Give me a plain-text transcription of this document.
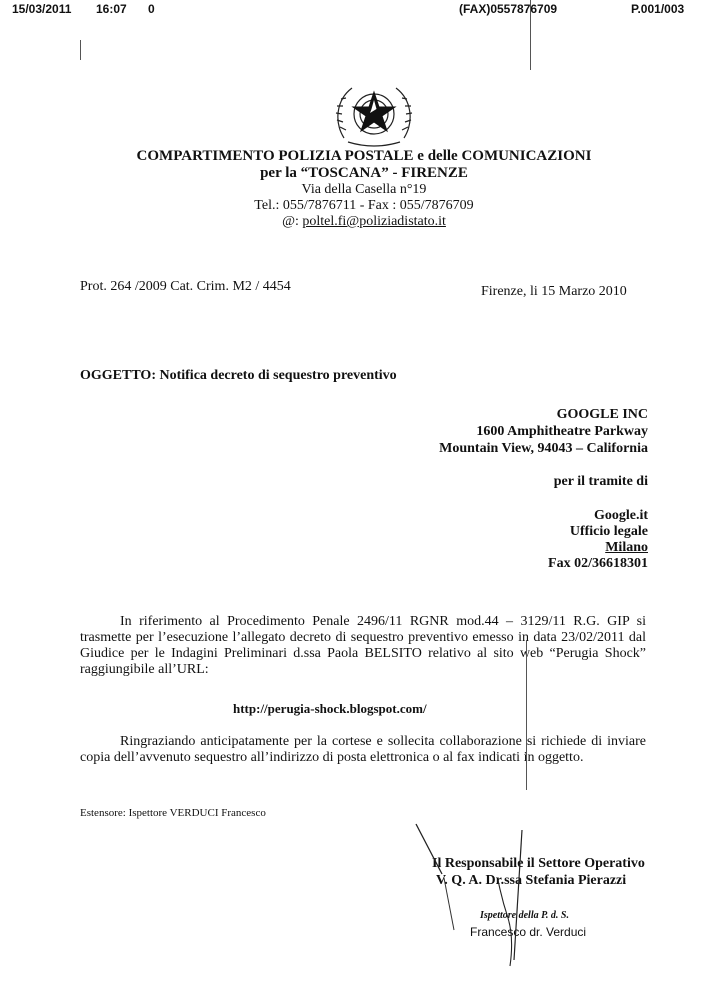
15/03/2011 16:07 0	(FAX)0557876709	P.001/003
COMPARTIMENTO POLIZIA POSTALE e delle COMUNICAZIONI
per la “TOSCANA” - FIRENZE
Via della Casella n°19
Tel.: 055/7876711 - Fax : 055/7876709
@: poltel.fi@poliziadistato.it
Prot. 264 /2009 Cat. Crim. M2 / 4454	Firenze, li 15 Marzo 2010
OGGETTO: Notifica decreto di sequestro preventivo
GOOGLE INC
1600 Amphitheatre Parkway
Mountain View, 94043 – California
per il tramite di
Google.it
Ufficio legale
Milano
Fax 02/36618301
In riferimento al Procedimento Penale 2496/11 RGNR mod.44 – 3129/11 R.G. GIP si trasmette per l’esecuzione l’allegato decreto di sequestro preventivo emesso in data 23/02/2011 dal Giudice per le Indagini Preliminari d.ssa Paola BELSITO relativo al sito web “Perugia Shock” raggiungibile all’URL:
http://perugia-shock.blogspot.com/
Ringraziando anticipatamente per la cortese e sollecita collaborazione si richiede di inviare copia dell’avvenuto sequestro all’indirizzo di posta elettronica o al fax indicati in oggetto.
Estensore: Ispettore VERDUCI Francesco
Il Responsabile il Settore Operativo
V. Q. A. Dr.ssa Stefania Pierazzi
Ispettore della P. d. S.
Francesco dr. Verduci
